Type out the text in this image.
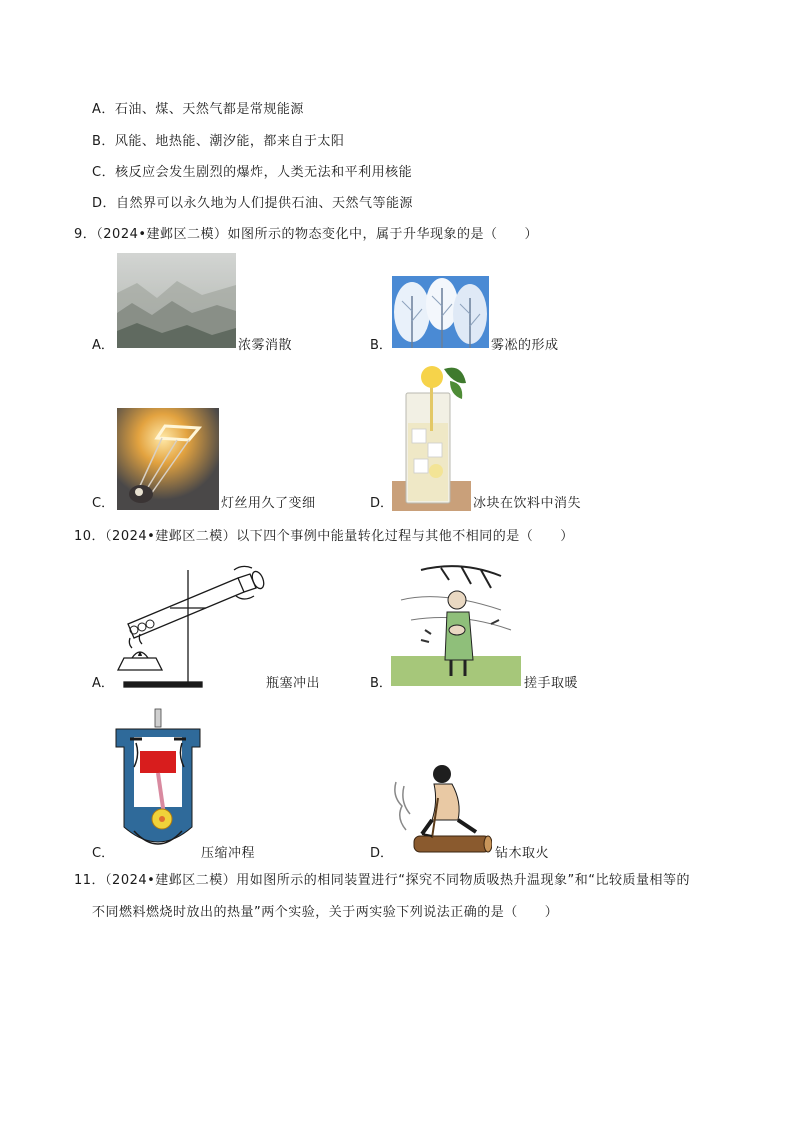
A．石油、煤、天然气都是常规能源
B．风能、地热能、潮汐能，都来自于太阳
C．核反应会发生剧烈的爆炸，人类无法和平利用核能
D．自然界可以永久地为人们提供石油、天然气等能源
9．（2024•建邺区二模）如图所示的物态变化中，属于升华现象的是（　　）
A．	浓雾消散	B．	雾凇的形成
C．	灯丝用久了变细	D．	冰块在饮料中消失
10．（2024•建邺区二模）以下四个事例中能量转化过程与其他不相同的是（　　）
A．	瓶塞冲出	B．	搓手取暖
C．	压缩冲程	D．	钻木取火
11．（2024•建邺区二模）用如图所示的相同装置进行“探究不同物质吸热升温现象”和“比较质量相等的
不同燃料燃烧时放出的热量”两个实验，关于两实验下列说法正确的是（　　）
